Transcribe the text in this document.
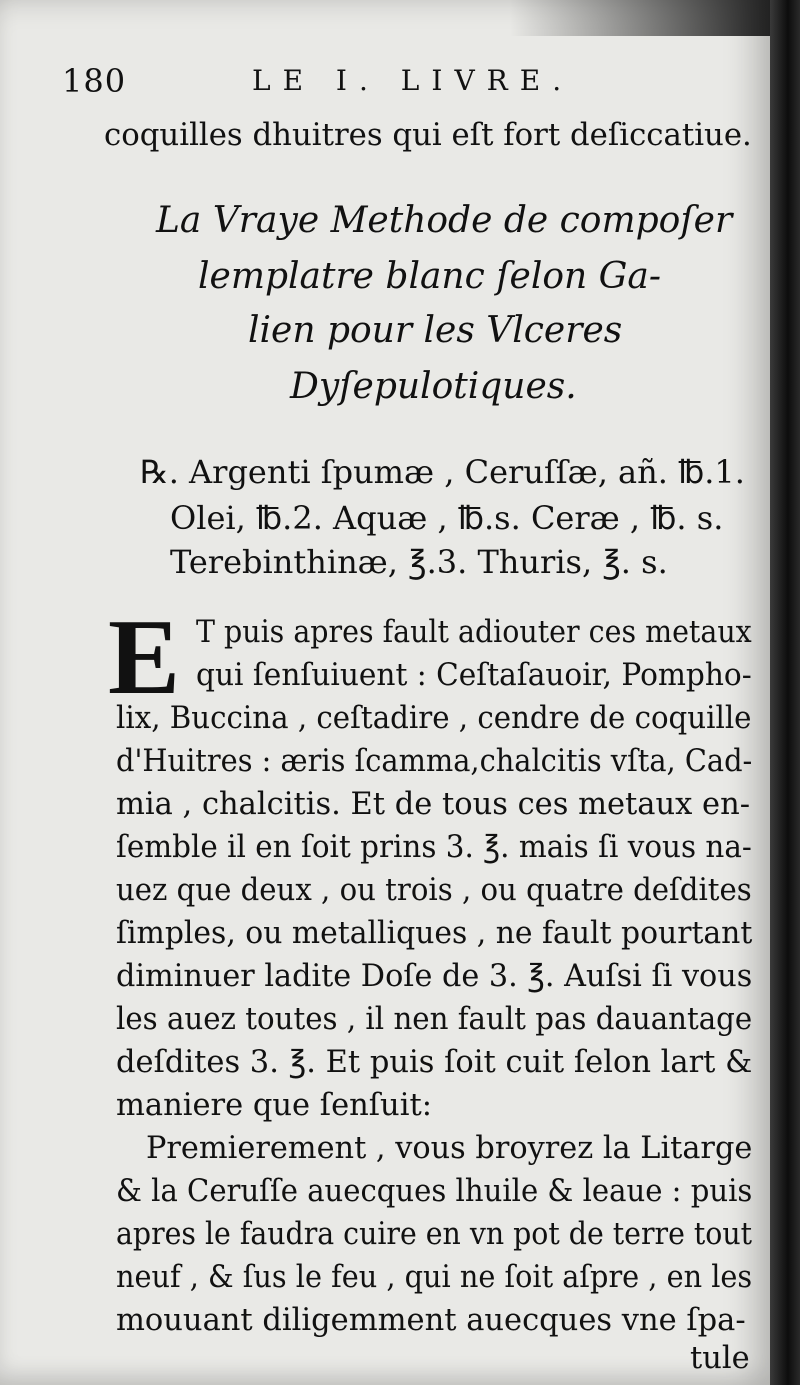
180	LE I. LIVRE.
coquilles dhuitres qui eſt fort deſiccatiue.
La Vraye Methode de compoſer
lemplatre blanc ſelon Ga-
lien pour les Vlceres
Dyſepulotiques.
℞. Argenti ſpumæ , Ceruſſæ, añ. ℔.1.
Olei, ℔.2. Aquæ , ℔.s. Ceræ , ℔. s.
Terebinthinæ, ℥.3. Thuris, ℥. s.
E T puis apres fault adiouter ces metaux
qui ſenſuiuent : Ceſtaſauoir, Pompho-
lix, Buccina , ceſtadire , cendre de coquille
d'Huitres : æris ſcamma,chalcitis vſta, Cad-
mia , chalcitis. Et de tous ces metaux en-
ſemble il en ſoit prins 3. ℥. mais ſi vous na-
uez que deux , ou trois , ou quatre deſdites
ſimples, ou metalliques , ne fault pourtant
diminuer ladite Doſe de 3. ℥. Auſsi ſi vous
les auez toutes , il nen fault pas dauantage
deſdites 3. ℥. Et puis ſoit cuit ſelon lart &
maniere que ſenſuit:
Premierement , vous broyrez la Litarge
& la Ceruſſe auecques lhuile & leaue : puis
apres le faudra cuire en vn pot de terre tout
neuf , & ſus le feu , qui ne ſoit aſpre , en les
mouuant diligemment auecques vne ſpa-
tule
